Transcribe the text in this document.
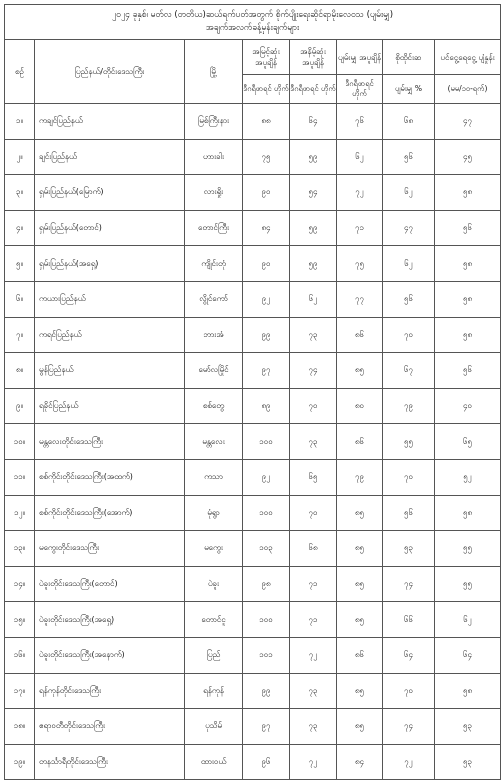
၂၀၂၄ ခုနှစ်၊ မတ်လ (တတိယ)ဆယ်ရက်ပတ်အတွက် စိုက်ပျိုးရေးဆိုင်ရာမိုးလေဝသ (ပျမ်းမျှ)
အချက်အလက်ခန့်မှန်းချက်များ							

စဉ်	ပြည်နယ်/တိုင်းဒေသကြီး	မြို့	အမြင့်ဆုံး အပူချိန်	အနိမ့်ဆုံး အပူချိန်	ပျမ်းမျှ အပူချိန်	စိုထိုင်းဆ	ပင်ငွေ့ရေငွေ့ ပျံနှုန်း
			ဒီဂရီဖာရင် ဟိုက်	ဒီဂရီဖာရင် ဟိုက်	ဒီဂရီဖာရင် ဟိုက်	ပျမ်းမျှ %	(မမ/၁၀-ရက်)
၁။	ကချင်ပြည်နယ်	မြစ်ကြီးနား	၈၈	၆၄	၇၆	၆၈	၄၇
၂။	ချင်းပြည်နယ်	ဟားခါး	၇၅	၅၉	၆၂	၅၆	၄၅
၃။	ရှမ်းပြည်နယ်(မြောက်)	လားရှိုး	၉၀	၅၄	၇၂	၆၂	၅၈
၄။	ရှမ်းပြည်နယ်(တောင်)	တောင်ကြီး	၈၄	၅၉	၇၁	၄၇	၅၆
၅။	ရှမ်းပြည်နယ်(အရှေ့)	ကျိုင်းတုံ	၉၀	၅၉	၇၅	၆၂	၅၈
၆။	ကယားပြည်နယ်	လွိုင်ကော်	၉၂	၆၂	၇၇	၅၆	၅၈
၇။	ကရင်ပြည်နယ်	ဘားအံ	၉၉	၇၃	၈၆	၇၀	၅၈
၈။	မွန်ပြည်နယ်	မော်လမြိုင်	၉၇	၇၄	၈၅	၆၇	၅၆
၉။	ရခိုင်ပြည်နယ်	စစ်တွေ	၈၉	၇၀	၈၀	၇၉	၄၀
၁၀။	မန္တလေးတိုင်းဒေသကြီး	မန္တလေး	၁၀၀	၇၃	၈၆	၅၅	၆၅
၁၁။	စစ်ကိုင်းတိုင်းဒေသကြီး(အထက်)	ကသာ	၉၂	၆၅	၇၉	၇၀	၅၂
၁၂။	စစ်ကိုင်းတိုင်းဒေသကြီး(အောက်)	မုံရွာ	၁၀၀	၇၀	၈၅	၅၆	၅၈
၁၃။	မကွေးတိုင်းဒေသကြီး	မကွေး	၁၀၃	၆၈	၈၅	၅၃	၅၅
၁၄။	ပဲခူးတိုင်းဒေသကြီး(တောင်)	ပဲခူး	၉၈	၇၁	၈၅	၇၄	၅၅
၁၅။	ပဲခူးတိုင်းဒေသကြီး(အရှေ့)	တောင်ငူ	၁၀၀	၇၁	၈၅	၆၆	၆၂
၁၆။	ပဲခူးတိုင်းဒေသကြီး(အနောက်)	ပြည်	၁၀၁	၇၂	၈၆	၆၄	၆၄
၁၇။	ရန်ကုန်တိုင်းဒေသကြီး	ရန်ကုန်	၉၉	၇၃	၈၅	၇၀	၅၈
၁၈။	ဧရာဝတီတိုင်းဒေသကြီး	ပုသိမ်	၉၇	၇၃	၈၅	၇၄	၅၃
၁၉။	တနင်္သာရီတိုင်းဒေသကြီး	ထားဝယ်	၉၆	၇၂	၈၄	၇၂	၅၃
